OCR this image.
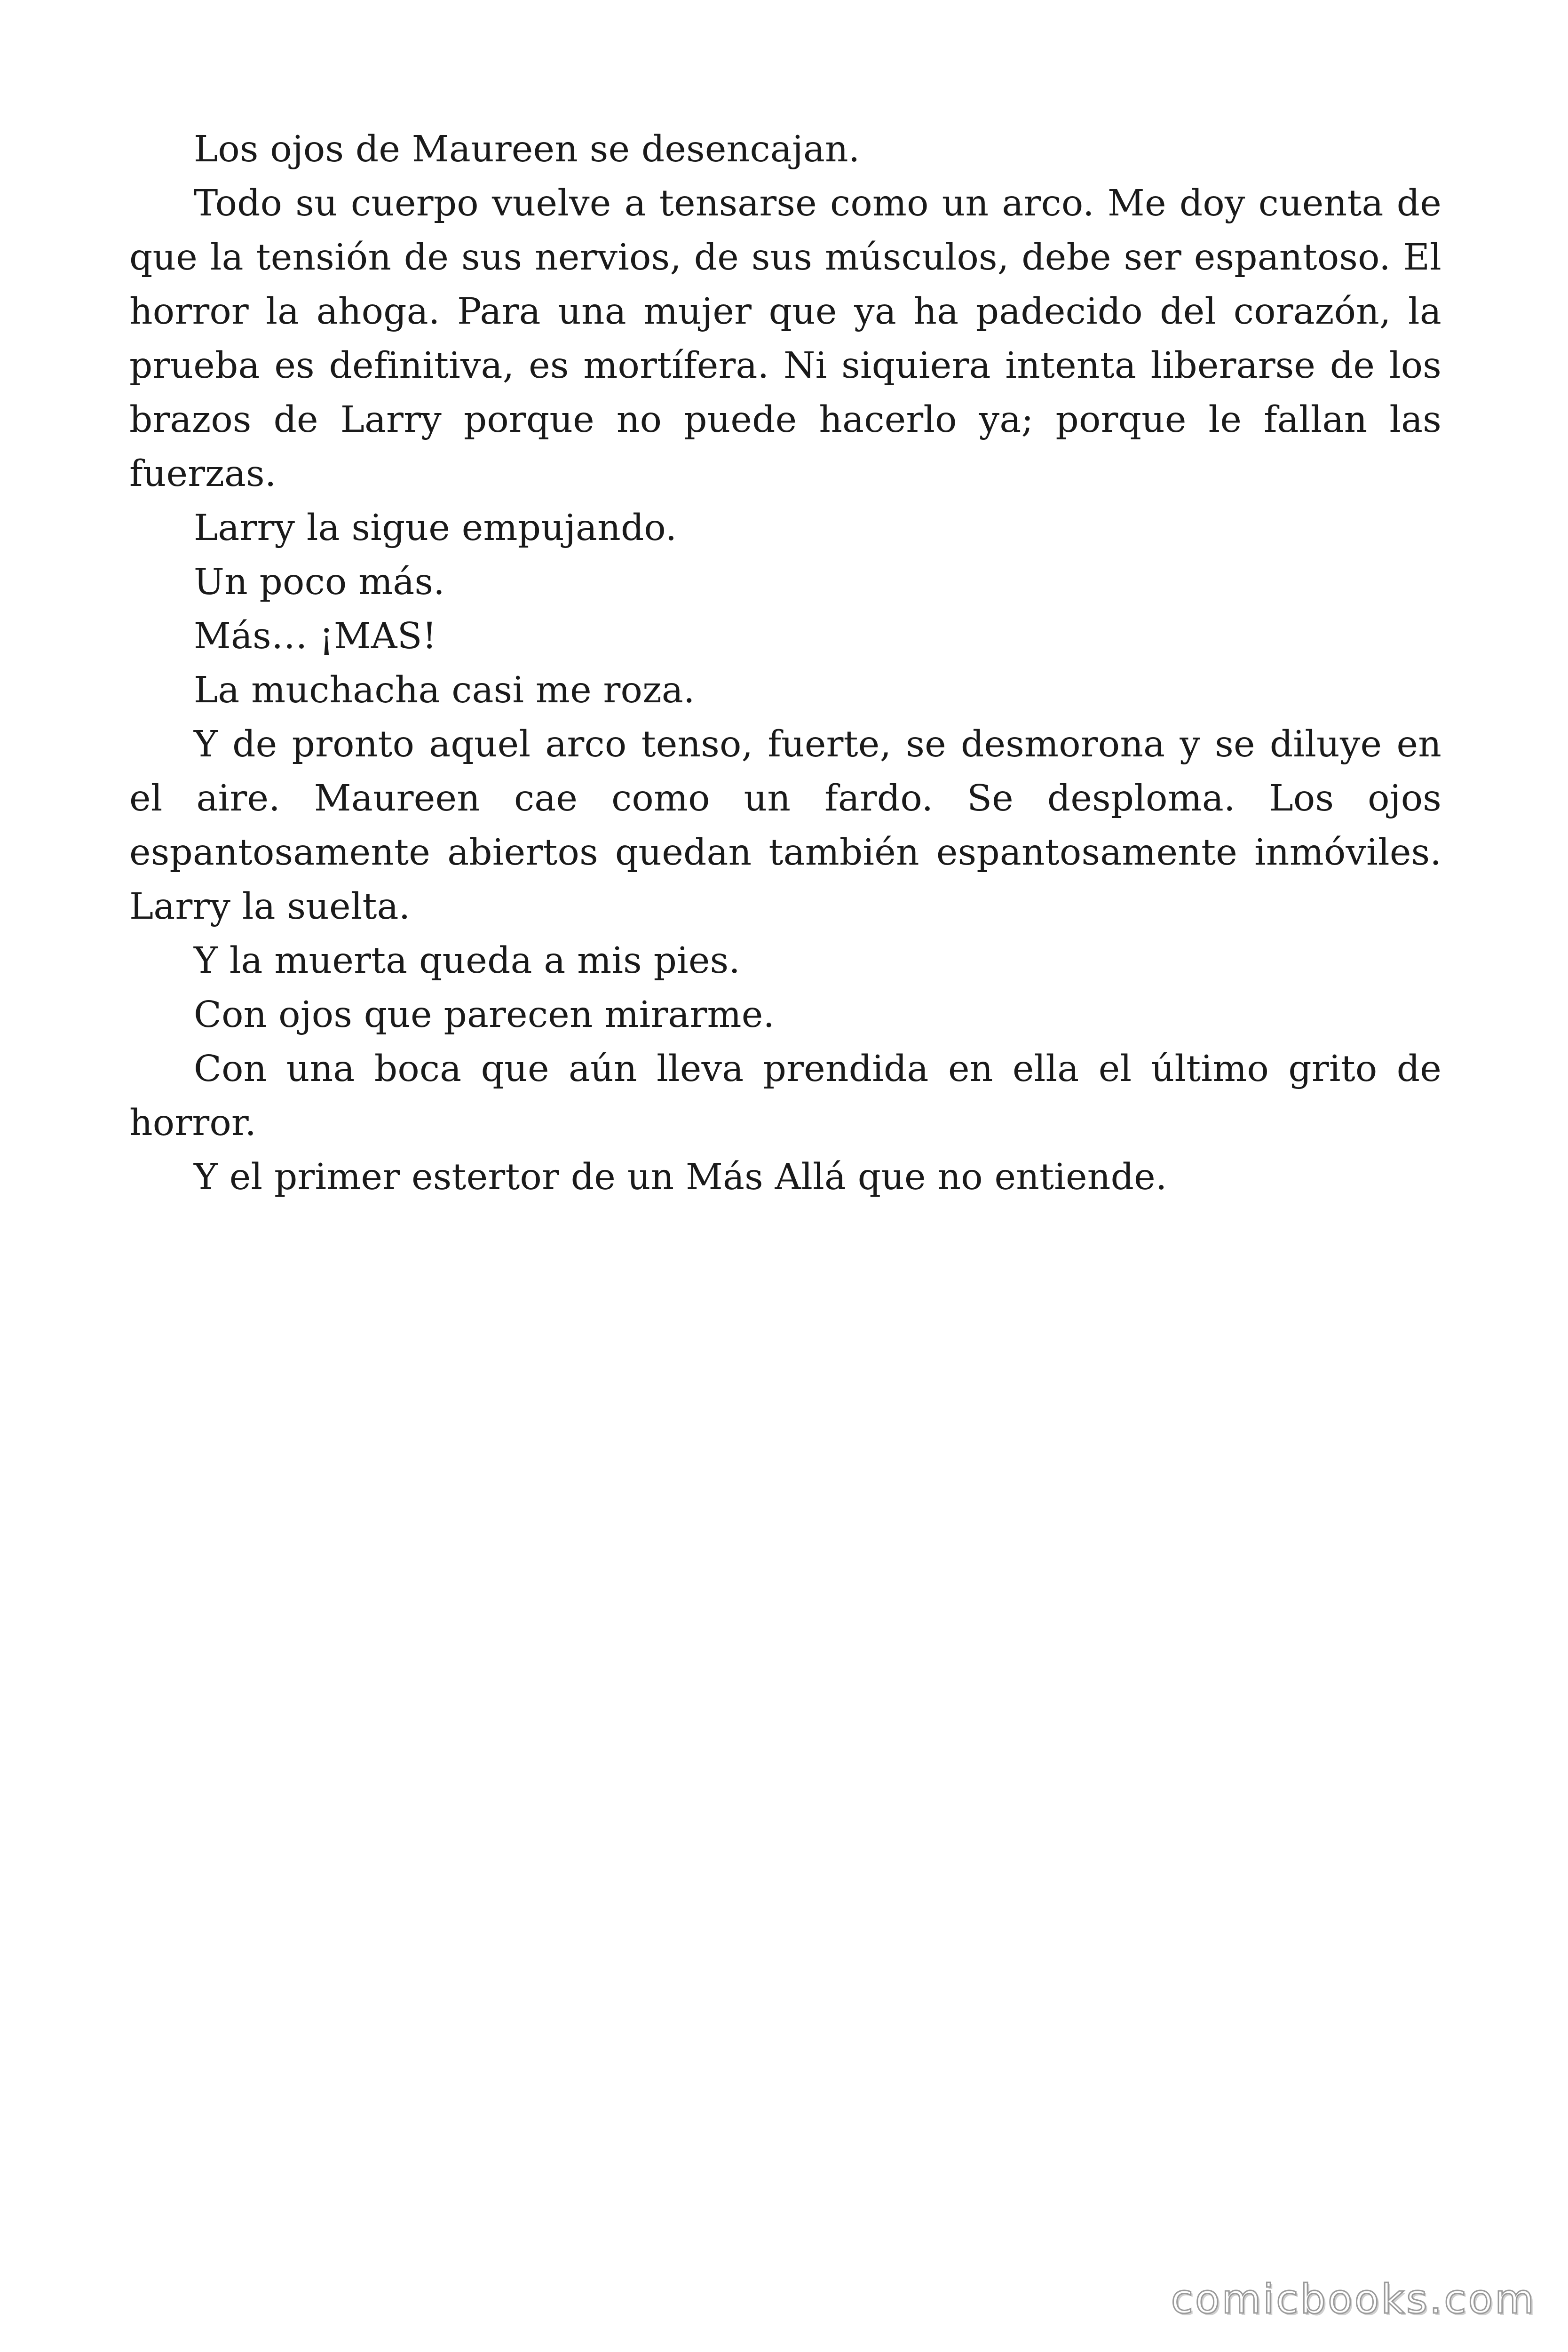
Los ojos de Maureen se desencajan.

Todo su cuerpo vuelve a tensarse como un arco. Me doy cuenta de que la tensión de sus nervios, de sus músculos, debe ser espantoso. El horror la ahoga. Para una mujer que ya ha padecido del corazón, la prueba es definitiva, es mortífera. Ni siquiera intenta liberarse de los brazos de Larry porque no puede hacerlo ya; porque le fallan las fuerzas.

Larry la sigue empujando.

Un poco más.

Más… ¡MAS!

La muchacha casi me roza.

Y de pronto aquel arco tenso, fuerte, se desmorona y se diluye en el aire. Maureen cae como un fardo. Se desploma. Los ojos espantosamente abiertos quedan también espantosamente inmóviles. Larry la suelta.

Y la muerta queda a mis pies.

Con ojos que parecen mirarme.

Con una boca que aún lleva prendida en ella el último grito de horror.

Y el primer estertor de un Más Allá que no entiende.

comicbooks.com
